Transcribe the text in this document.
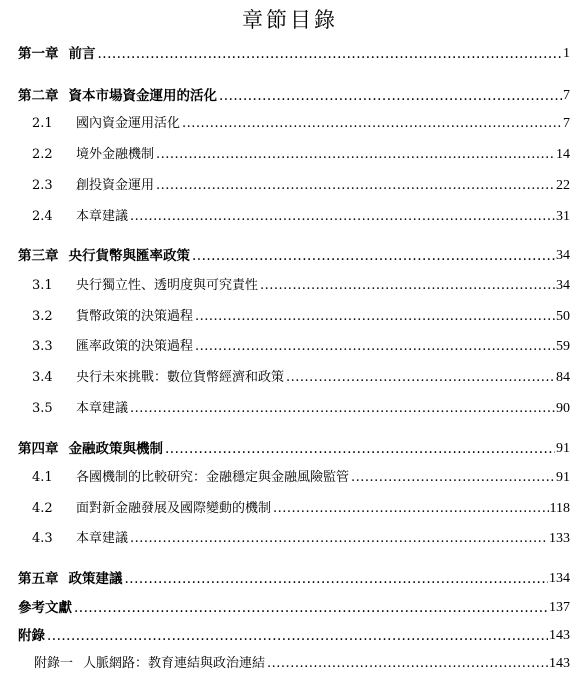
章節目錄
第一章 前言 .....	1
第二章 資本市場資金運用的活化 .....	7
2.1 國內資金運用活化 .....	7
2.2 境外金融機制 .....	14
2.3 創投資金運用 .....	22
2.4 本章建議 .....	31
第三章 央行貨幣與匯率政策 .....	34
3.1 央行獨立性、透明度與可究責性 .....	34
3.2 貨幣政策的決策過程 .....	50
3.3 匯率政策的決策過程 .....	59
3.4 央行未來挑戰：數位貨幣經濟和政策 .....	84
3.5 本章建議 .....	90
第四章 金融政策與機制 .....	91
4.1 各國機制的比較研究：金融穩定與金融風險監管 .....	91
4.2 面對新金融發展及國際變動的機制 .....	118
4.3 本章建議 .....	133
第五章 政策建議 .....	134
參考文獻 .....	137
附錄 .....	143
附錄一 人脈網路：教育連結與政治連結 .....	143
